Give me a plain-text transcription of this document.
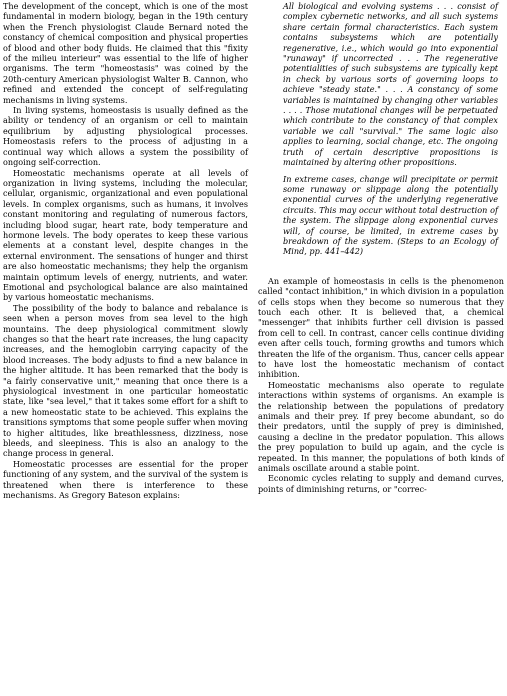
The development of the concept, which is one of the most fundamental in modern biology, began in the 19th century when the French physiologist Claude Bernard noted the constancy of chemical composition and physical properties of blood and other body fluids. He claimed that this "fixity of the milieu interieur" was essential to the life of higher organisms. The term "homeostasis" was coined by the 20th-century American physiologist Walter B. Cannon, who refined and extended the concept of self-regulating mechanisms in living systems.

In living systems, homeostasis is usually defined as the ability or tendency of an organism or cell to maintain equilibrium by adjusting physiological processes. Homeostasis refers to the process of adjusting in a continual way which allows a system the possibility of ongoing self-correction.

Homeostatic mechanisms operate at all levels of organization in living systems, including the molecular, cellular, organismic, organizational and even populational levels. In complex organisms, such as humans, it involves constant monitoring and regulating of numerous factors, including blood sugar, heart rate, body temperature and hormone levels. The body operates to keep these various elements at a constant level, despite changes in the external environment. The sensations of hunger and thirst are also homeostatic mechanisms; they help the organism maintain optimum levels of energy, nutrients, and water. Emotional and psychological balance are also maintained by various homeostatic mechanisms.

The possibility of the body to balance and rebalance is seen when a person moves from sea level to the high mountains. The deep physiological commitment slowly changes so that the heart rate increases, the lung capacity increases, and the hemoglobin carrying capacity of the blood increases. The body adjusts to find a new balance in the higher altitude. It has been remarked that the body is "a fairly conservative unit," meaning that once there is a physiological investment in one particular homeostatic state, like "sea level," that it takes some effort for a shift to a new homeostatic state to be achieved. This explains the transitions symptoms that some people suffer when moving to higher altitudes, like breathlessness, dizziness, nose bleeds, and sleepiness. This is also an analogy to the change process in general.

Homeostatic processes are essential for the proper functioning of any system, and the survival of the system is threatened when there is interference to these mechanisms. As Gregory Bateson explains:

All biological and evolving systems . . . consist of complex cybernetic networks, and all such systems share certain formal characteristics. Each system contains subsystems which are potentially regenerative, i.e., which would go into exponential "runaway" if uncorrected . . . The regenerative potentialities of such subsystems are typically kept in check by various sorts of governing loops to achieve "steady state." . . . A constancy of some variables is maintained by changing other variables . . . . Those mutational changes will be perpetuated which contribute to the constancy of that complex variable we call "survival." The same logic also applies to learning, social change, etc. The ongoing truth of certain descriptive propositions is maintained by altering other propositions.

In extreme cases, change will precipitate or permit some runaway or slippage along the potentially exponential curves of the underlying regenerative circuits. This may occur without total destruction of the system. The slippage along exponential curves will, of course, be limited, in extreme cases by breakdown of the system. (Steps to an Ecology of Mind, pp. 441–442)

An example of homeostasis in cells is the phenomenon called "contact inhibition," in which division in a population of cells stops when they become so numerous that they touch each other. It is believed that, a chemical "messenger" that inhibits further cell division is passed from cell to cell. In contrast, cancer cells continue dividing even after cells touch, forming growths and tumors which threaten the life of the organism. Thus, cancer cells appear to have lost the homeostatic mechanism of contact inhibition.

Homeostatic mechanisms also operate to regulate interactions within systems of organisms. An example is the relationship between the populations of predatory animals and their prey. If prey become abundant, so do their predators, until the supply of prey is diminished, causing a decline in the predator population. This allows the prey population to build up again, and the cycle is repeated. In this manner, the populations of both kinds of animals oscillate around a stable point.

Economic cycles relating to supply and demand curves, points of diminishing returns, or "correc-
